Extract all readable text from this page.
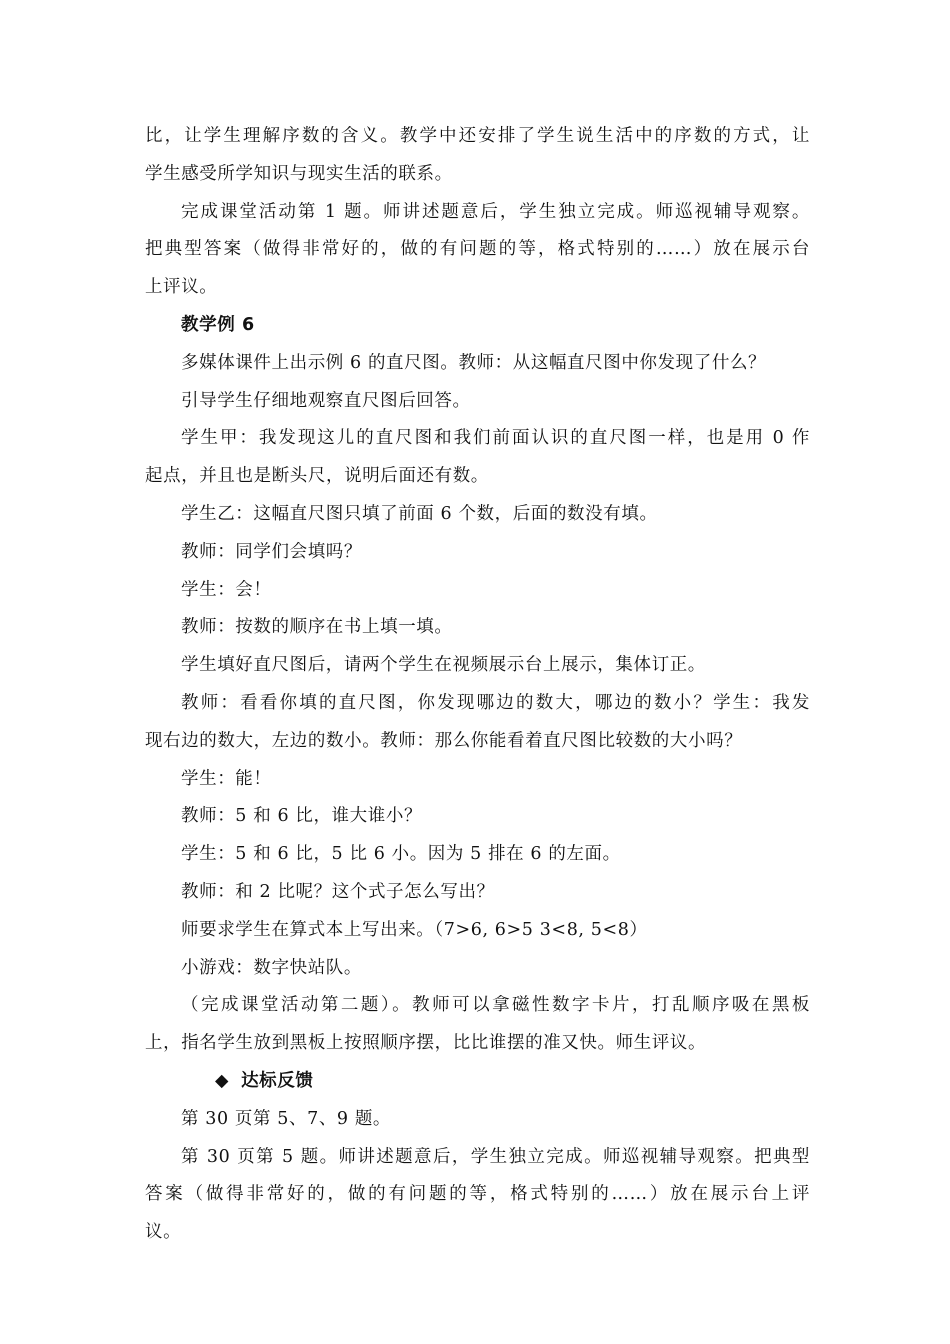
比，让学生理解序数的含义。教学中还安排了学生说生活中的序数的方式，让
学生感受所学知识与现实生活的联系。
完成课堂活动第 1 题。师讲述题意后，学生独立完成。师巡视辅导观察。
把典型答案（做得非常好的，做的有问题的等，格式特别的……）放在展示台
上评议。
教学例 6
多媒体课件上出示例 6 的直尺图。教师：从这幅直尺图中你发现了什么？
引导学生仔细地观察直尺图后回答。
学生甲：我发现这儿的直尺图和我们前面认识的直尺图一样，也是用 0 作
起点，并且也是断头尺，说明后面还有数。
学生乙：这幅直尺图只填了前面 6 个数，后面的数没有填。
教师：同学们会填吗？
学生：会！
教师：按数的顺序在书上填一填。
学生填好直尺图后，请两个学生在视频展示台上展示，集体订正。
教师：看看你填的直尺图，你发现哪边的数大，哪边的数小？学生：我发
现右边的数大，左边的数小。教师：那么你能看着直尺图比较数的大小吗？
学生：能！
教师：5 和 6 比，谁大谁小？
学生：5 和 6 比，5 比 6 小。因为 5 排在 6 的左面。
教师：和 2 比呢？这个式子怎么写出？
师要求学生在算式本上写出来。（7>6, 6>5 3<8, 5<8）
小游戏：数字快站队。
（完成课堂活动第二题）。教师可以拿磁性数字卡片，打乱顺序吸在黑板
上，指名学生放到黑板上按照顺序摆，比比谁摆的准又快。师生评议。
◆ 达标反馈
第 30 页第 5、7、9 题。
第 30 页第 5 题。师讲述题意后，学生独立完成。师巡视辅导观察。把典型
答案（做得非常好的，做的有问题的等，格式特别的……）放在展示台上评
议。
